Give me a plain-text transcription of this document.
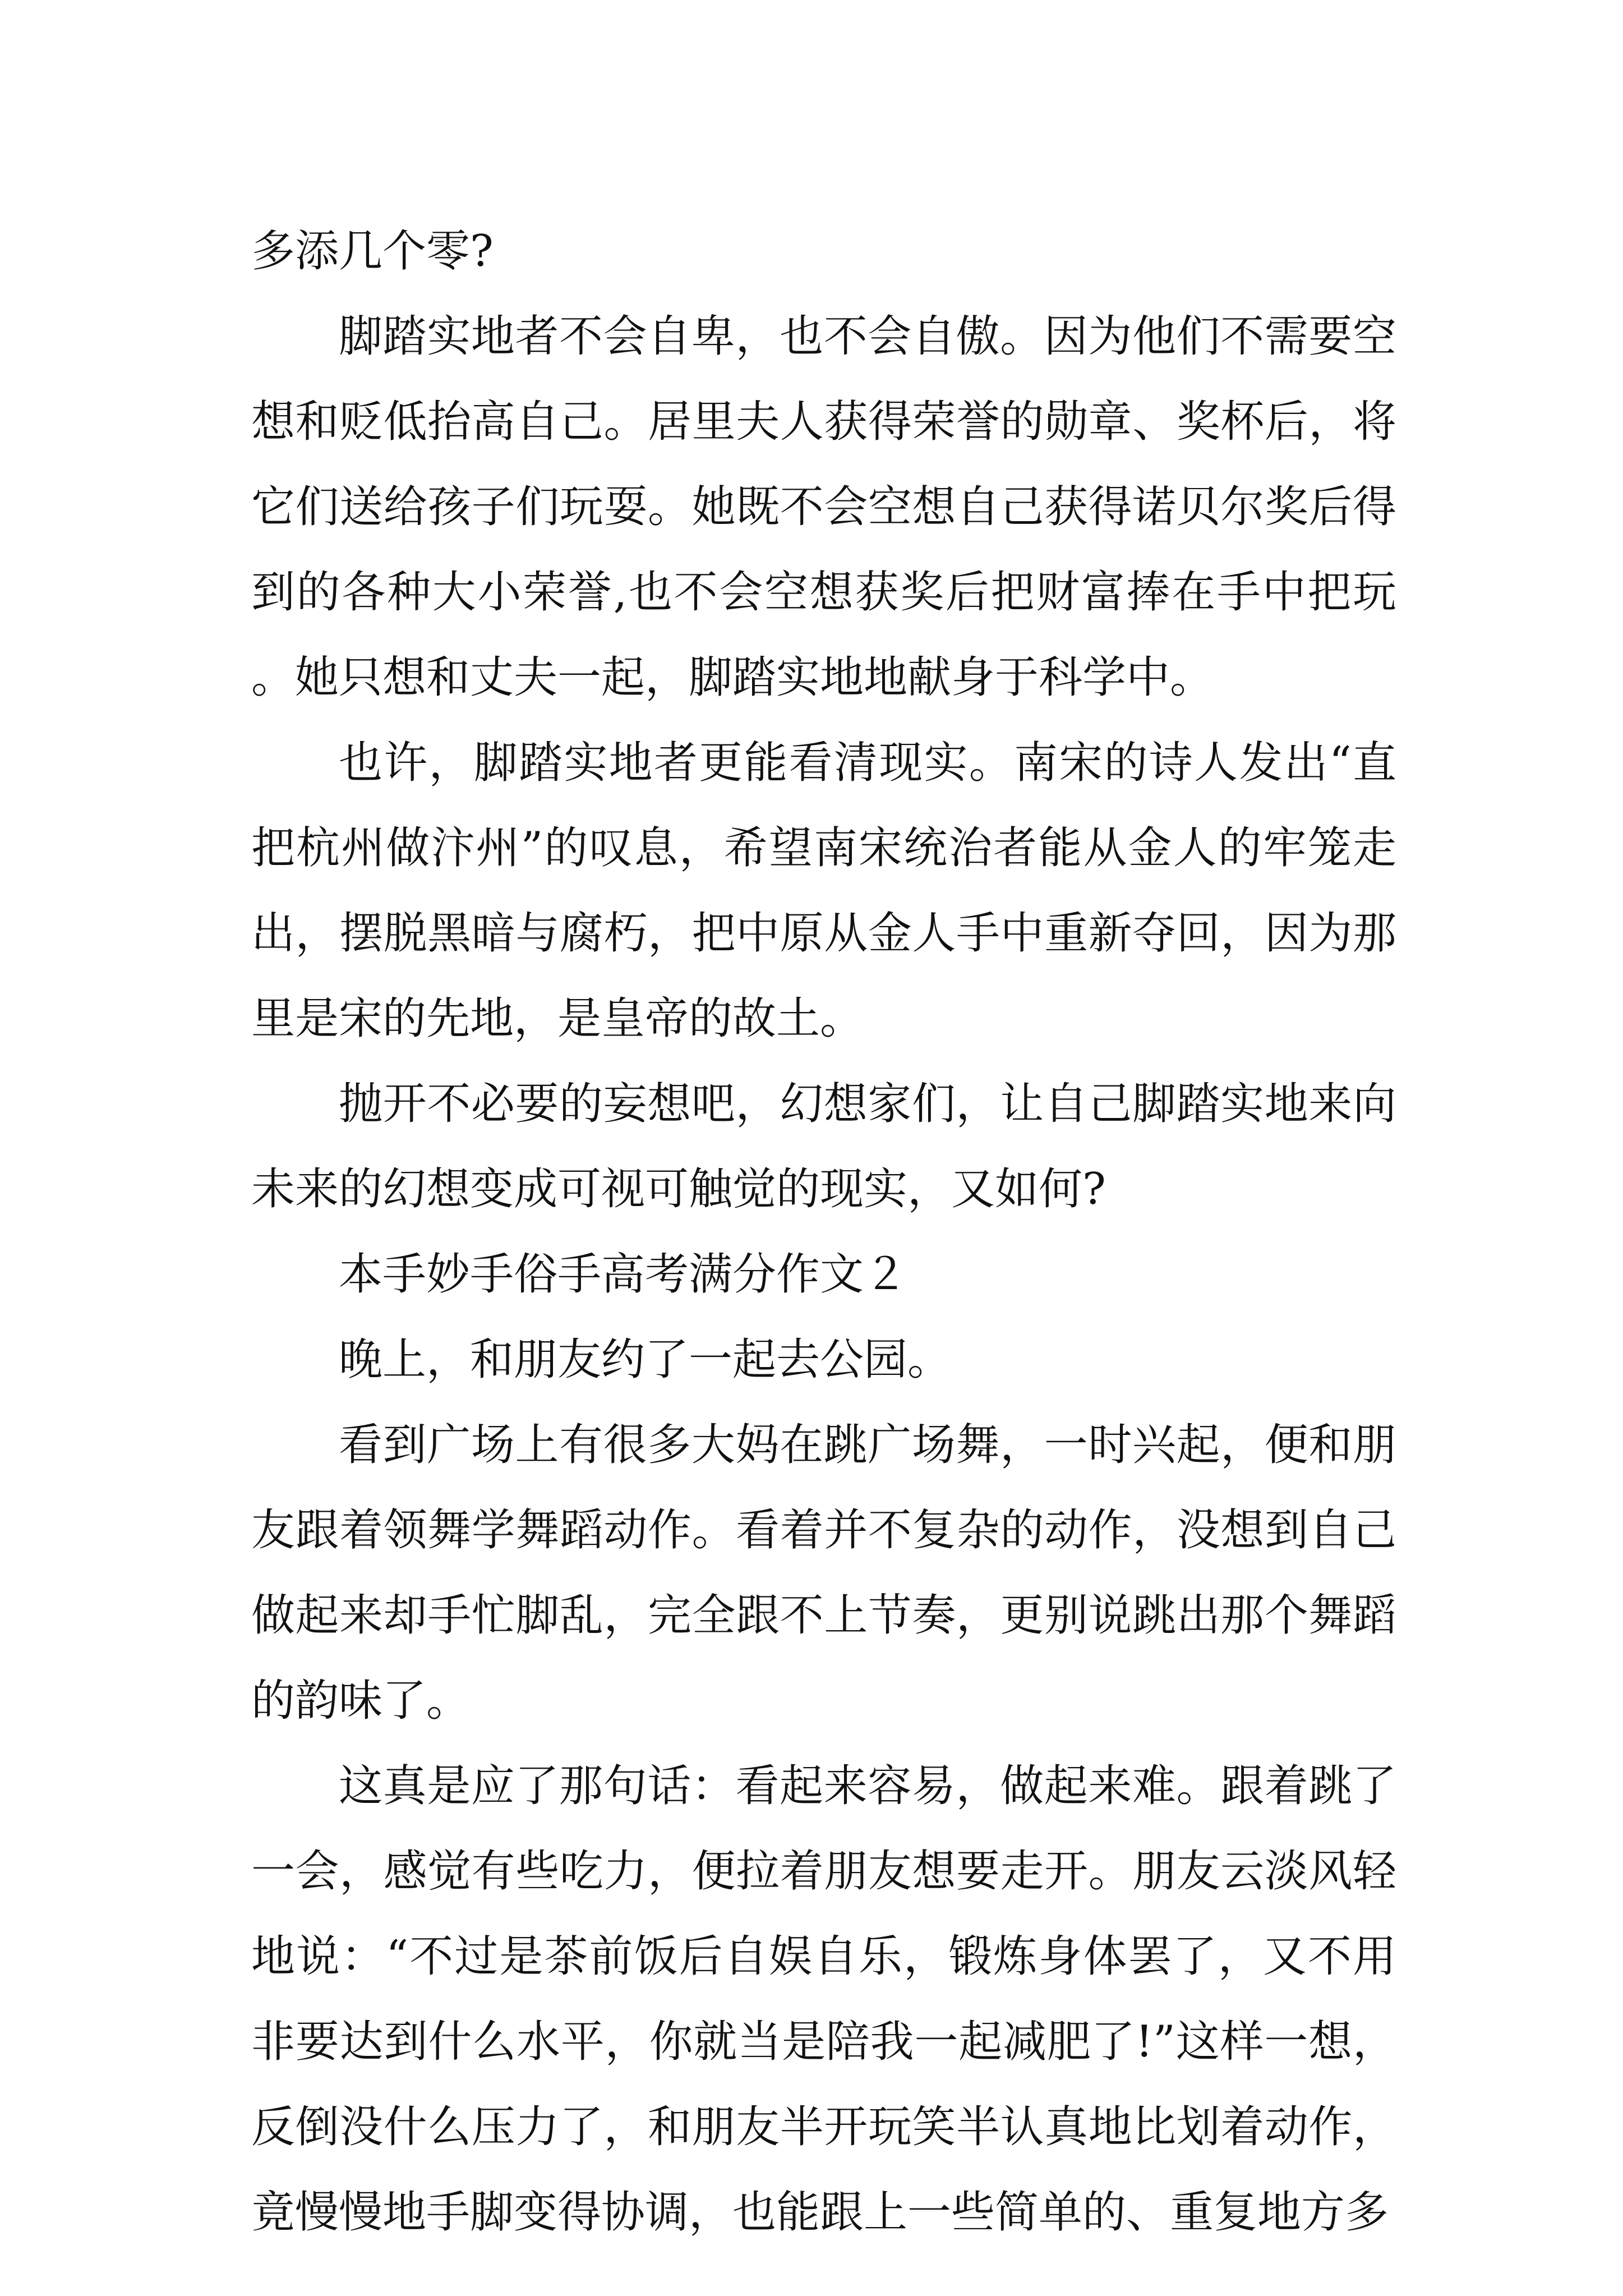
多添几个零?

脚踏实地者不会自卑，也不会自傲。因为他们不需要空想和贬低抬高自己。居里夫人获得荣誉的勋章、奖杯后，将它们送给孩子们玩耍。她既不会空想自己获得诺贝尔奖后得到的各种大小荣誉,也不会空想获奖后把财富捧在手中把玩。她只想和丈夫一起，脚踏实地地献身于科学中。

也许，脚踏实地者更能看清现实。南宋的诗人发出“直把杭州做汴州”的叹息，希望南宋统治者能从金人的牢笼走出，摆脱黑暗与腐朽，把中原从金人手中重新夺回，因为那里是宋的先地，是皇帝的故土。

抛开不必要的妄想吧，幻想家们，让自己脚踏实地来向未来的幻想变成可视可触觉的现实，又如何?

本手妙手俗手高考满分作文２

晚上，和朋友约了一起去公园。

看到广场上有很多大妈在跳广场舞，一时兴起，便和朋友跟着领舞学舞蹈动作。看着并不复杂的动作，没想到自己做起来却手忙脚乱，完全跟不上节奏，更别说跳出那个舞蹈的韵味了。

这真是应了那句话：看起来容易，做起来难。跟着跳了一会，感觉有些吃力，便拉着朋友想要走开。朋友云淡风轻地说：“不过是茶前饭后自娱自乐，锻炼身体罢了，又不用非要达到什么水平，你就当是陪我一起减肥了!”这样一想，反倒没什么压力了，和朋友半开玩笑半认真地比划着动作，竟慢慢地手脚变得协调，也能跟上一些简单的、重复地方多
